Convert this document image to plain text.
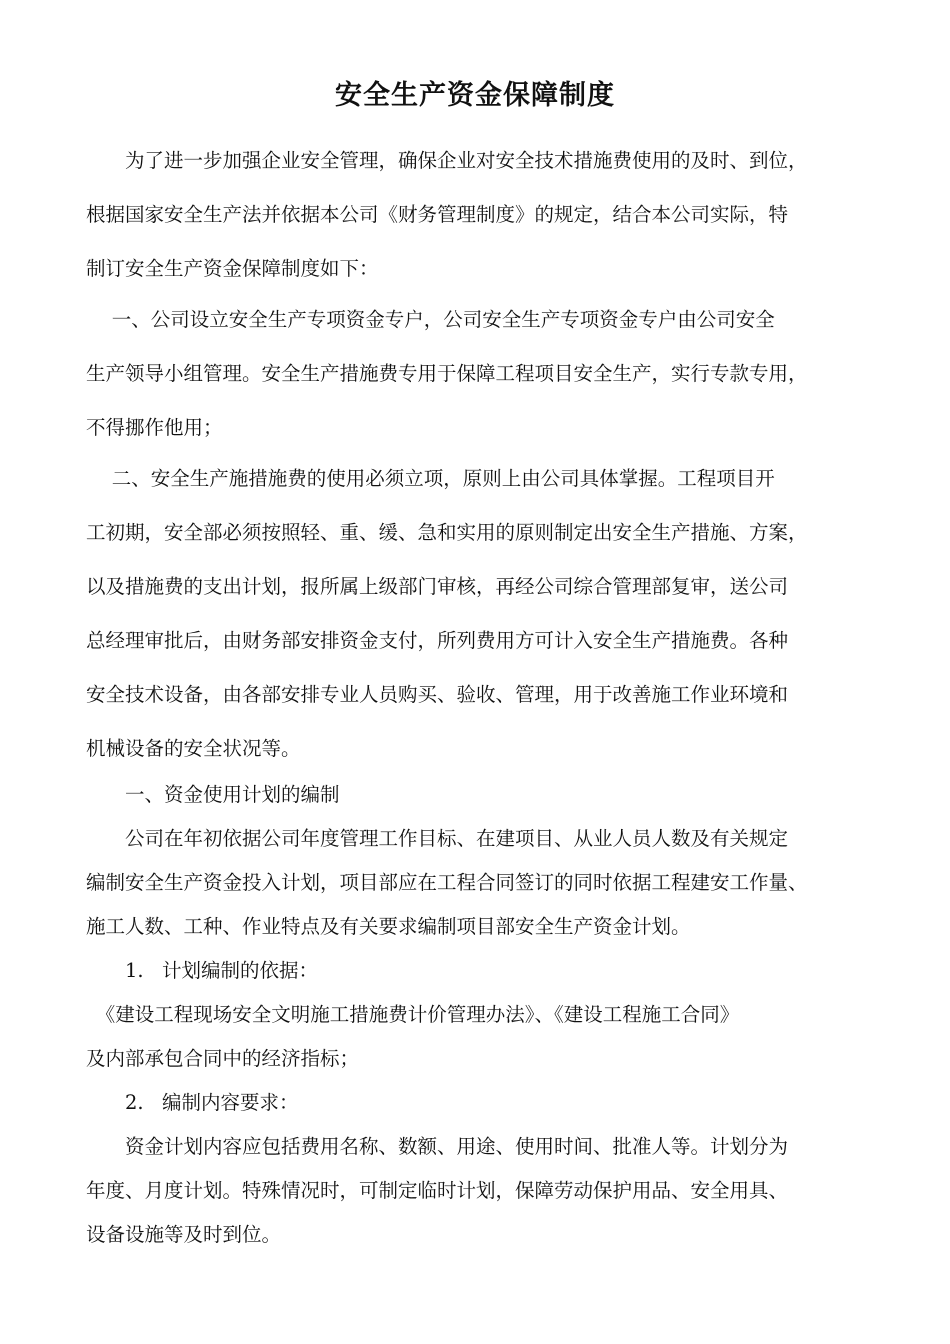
安全生产资金保障制度
　　为了进一步加强企业安全管理，确保企业对安全技术措施费使用的及时、到位，
根据国家安全生产法并依据本公司《财务管理制度》的规定，结合本公司实际，特
制订安全生产资金保障制度如下：
　 一、公司设立安全生产专项资金专户，公司安全生产专项资金专户由公司安全
生产领导小组管理。安全生产措施费专用于保障工程项目安全生产，实行专款专用，
不得挪作他用；
　 二、安全生产施措施费的使用必须立项，原则上由公司具体掌握。工程项目开
工初期，安全部必须按照轻、重、缓、急和实用的原则制定出安全生产措施、方案，
以及措施费的支出计划，报所属上级部门审核，再经公司综合管理部复审，送公司
总经理审批后，由财务部安排资金支付，所列费用方可计入安全生产措施费。各种
安全技术设备，由各部安排专业人员购买、验收、管理，用于改善施工作业环境和
机械设备的安全状况等。
　　一、资金使用计划的编制
　　公司在年初依据公司年度管理工作目标、在建项目、从业人员人数及有关规定
编制安全生产资金投入计划，项目部应在工程合同签订的同时依据工程建安工作量、
施工人数、工种、作业特点及有关要求编制项目部安全生产资金计划。
　　1. 计划编制的依据：
　《建设工程现场安全文明施工措施费计价管理办法》、《建设工程施工合同》
及内部承包合同中的经济指标；
　　2. 编制内容要求：
　　资金计划内容应包括费用名称、数额、用途、使用时间、批准人等。计划分为
年度、月度计划。特殊情况时，可制定临时计划，保障劳动保护用品、安全用具、
设备设施等及时到位。
